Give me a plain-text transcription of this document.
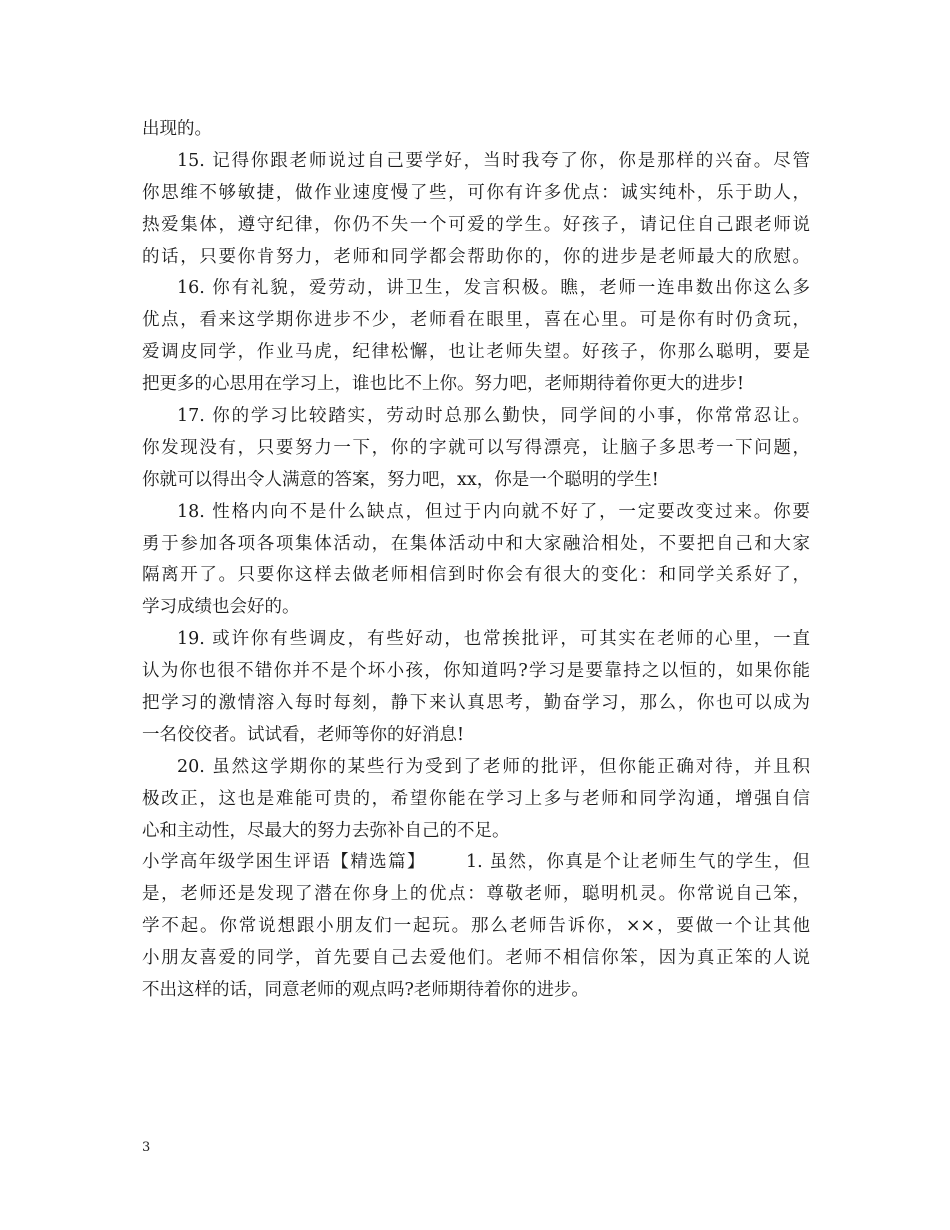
出现的。
15. 记得你跟老师说过自己要学好，当时我夸了你，你是那样的兴奋。尽管
你思维不够敏捷，做作业速度慢了些，可你有许多优点：诚实纯朴，乐于助人，
热爱集体，遵守纪律，你仍不失一个可爱的学生。好孩子，请记住自己跟老师说
的话，只要你肯努力，老师和同学都会帮助你的，你的进步是老师最大的欣慰。
16. 你有礼貌，爱劳动，讲卫生，发言积极。瞧，老师一连串数出你这么多
优点，看来这学期你进步不少，老师看在眼里，喜在心里。可是你有时仍贪玩，
爱调皮同学，作业马虎，纪律松懈，也让老师失望。好孩子，你那么聪明，要是
把更多的心思用在学习上，谁也比不上你。努力吧，老师期待着你更大的进步!
17. 你的学习比较踏实，劳动时总那么勤快，同学间的小事，你常常忍让。
你发现没有，只要努力一下，你的字就可以写得漂亮，让脑子多思考一下问题，
你就可以得出令人满意的答案，努力吧，xx，你是一个聪明的学生!
18. 性格内向不是什么缺点，但过于内向就不好了，一定要改变过来。你要
勇于参加各项各项集体活动，在集体活动中和大家融洽相处，不要把自己和大家
隔离开了。只要你这样去做老师相信到时你会有很大的变化：和同学关系好了，
学习成绩也会好的。
19. 或许你有些调皮，有些好动，也常挨批评，可其实在老师的心里，一直
认为你也很不错你并不是个坏小孩，你知道吗?学习是要靠持之以恒的，如果你能
把学习的激情溶入每时每刻，静下来认真思考，勤奋学习，那么，你也可以成为
一名佼佼者。试试看，老师等你的好消息!
20. 虽然这学期你的某些行为受到了老师的批评，但你能正确对待，并且积
极改正，这也是难能可贵的，希望你能在学习上多与老师和同学沟通，增强自信
心和主动性，尽最大的努力去弥补自己的不足。
小学高年级学困生评语【精选篇】 1. 虽然，你真是个让老师生气的学生，但
是，老师还是发现了潜在你身上的优点：尊敬老师，聪明机灵。你常说自己笨，
学不起。你常说想跟小朋友们一起玩。那么老师告诉你，××，要做一个让其他
小朋友喜爱的同学，首先要自己去爱他们。老师不相信你笨，因为真正笨的人说
不出这样的话，同意老师的观点吗?老师期待着你的进步。
3
